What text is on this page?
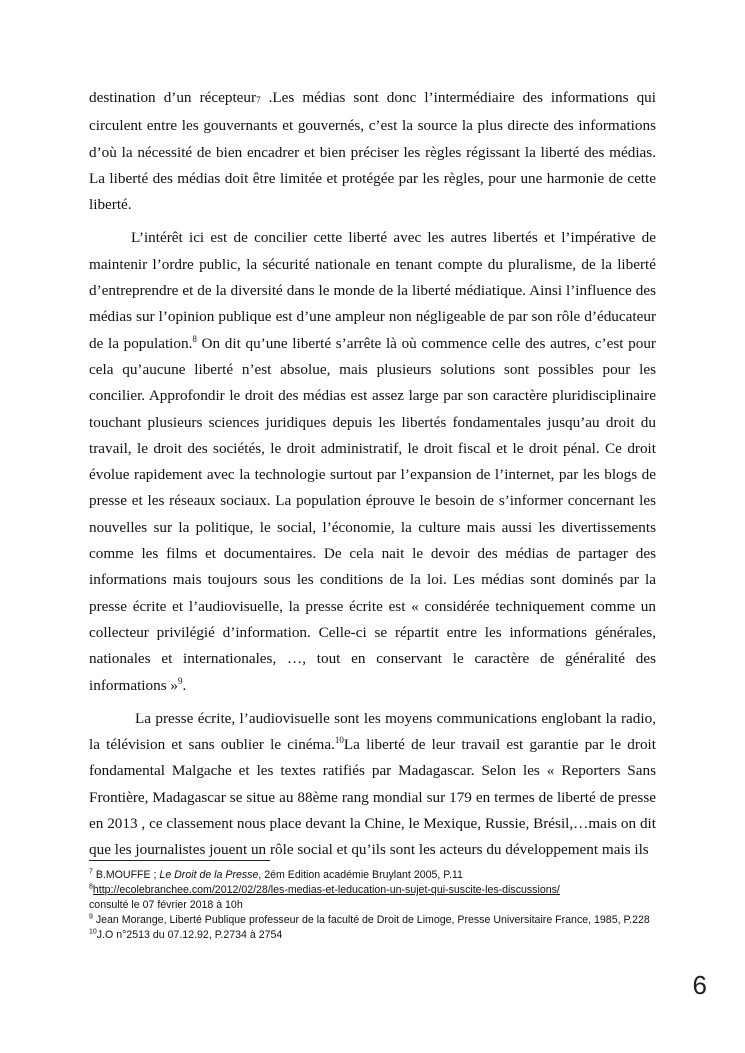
destination d’un récepteur7 .Les médias sont donc l’intermédiaire des informations qui circulent entre les gouvernants et gouvernés, c’est la source la plus directe des informations d’où la nécessité de bien encadrer et bien préciser les règles régissant la liberté des médias. La liberté des médias doit être limitée et protégée par les règles, pour une harmonie de cette liberté.

L’intérêt ici est de concilier cette liberté avec les autres libertés et l’impérative de maintenir l’ordre public, la sécurité nationale en tenant compte du pluralisme, de la liberté d’entreprendre et de la diversité dans le monde de la liberté médiatique. Ainsi l’influence des médias sur l’opinion publique est d’une ampleur non négligeable de par son rôle d’éducateur de la population.$^8$ On dit qu’une liberté s’arrête là où commence celle des autres, c’est pour cela qu’aucune liberté n’est absolue, mais plusieurs solutions sont possibles pour les concilier. Approfondir le droit des médias est assez large par son caractère pluridisciplinaire touchant plusieurs sciences juridiques depuis les libertés fondamentales jusqu’au droit du travail, le droit des sociétés, le droit administratif, le droit fiscal et le droit pénal. Ce droit évolue rapidement avec la technologie surtout par l’expansion de l’internet, par les blogs de presse et les réseaux sociaux. La population éprouve le besoin de s’informer concernant les nouvelles sur la politique, le social, l’économie, la culture mais aussi les divertissements comme les films et documentaires. De cela nait le devoir des médias de partager des informations mais toujours sous les conditions de la loi. Les médias sont dominés par la presse écrite et l’audiovisuelle, la presse écrite est « considérée techniquement comme un collecteur privilégié d’information. Celle-ci se répartit entre les informations générales, nationales et internationales, …, tout en conservant le caractère de généralité des informations »$^9$.

La presse écrite, l’audiovisuelle sont les moyens communications englobant la radio, la télévision et sans oublier le cinéma.$^{10}$La liberté de leur travail est garantie par le droit fondamental Malgache et les textes ratifiés par Madagascar. Selon les « Reporters Sans Frontière, Madagascar se situe au 88ème rang mondial sur 179 en termes de liberté de presse en 2013 , ce classement nous place devant la Chine, le Mexique, Russie, Brésil,…mais on dit que les journalistes jouent un rôle social et qu’ils sont les acteurs du développement mais ils

$^7$ B.MOUFFE ; Le Droit de la Presse, 2ém Edition académie Bruylant 2005, P.11

$^8$http://ecolebranchee.com/2012/02/28/les-medias-et-leducation-un-sujet-qui-suscite-les-discussions/
consulté le 07 février 2018 à 10h

$^9$ Jean Morange, Liberté Publique professeur de la faculté de Droit de Limoge, Presse Universitaire France, 1985, P.228

$^{10}$J.O n°2513 du 07.12.92, P.2734 à 2754

6
